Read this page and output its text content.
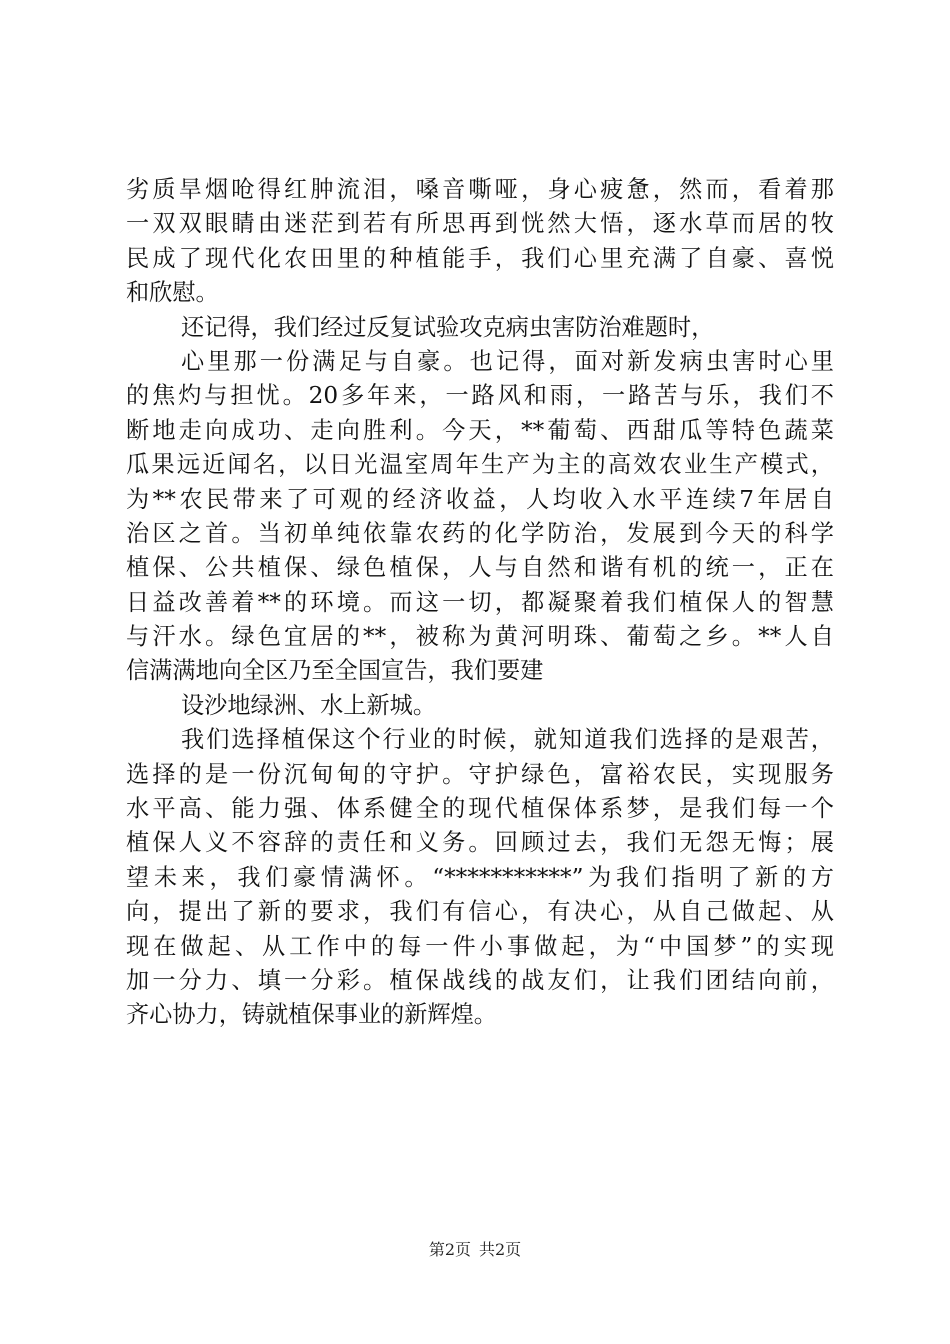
劣质旱烟呛得红肿流泪，嗓音嘶哑，身心疲惫，然而，看着那
一双双眼睛由迷茫到若有所思再到恍然大悟，逐水草而居的牧
民成了现代化农田里的种植能手，我们心里充满了自豪、喜悦
和欣慰。
还记得，我们经过反复试验攻克病虫害防治难题时，
心里那一份满足与自豪。也记得，面对新发病虫害时心里
的焦灼与担忧。20多年来，一路风和雨，一路苦与乐，我们不
断地走向成功、走向胜利。今天，**葡萄、西甜瓜等特色蔬菜
瓜果远近闻名，以日光温室周年生产为主的高效农业生产模式，
为**农民带来了可观的经济收益，人均收入水平连续7年居自
治区之首。当初单纯依靠农药的化学防治，发展到今天的科学
植保、公共植保、绿色植保，人与自然和谐有机的统一，正在
日益改善着**的环境。而这一切，都凝聚着我们植保人的智慧
与汗水。绿色宜居的**，被称为黄河明珠、葡萄之乡。**人自
信满满地向全区乃至全国宣告，我们要建
设沙地绿洲、水上新城。
我们选择植保这个行业的时候，就知道我们选择的是艰苦，
选择的是一份沉甸甸的守护。守护绿色，富裕农民，实现服务
水平高、能力强、体系健全的现代植保体系梦，是我们每一个
植保人义不容辞的责任和义务。回顾过去，我们无怨无悔；展
望未来，我们豪情满怀。“***********”为我们指明了新的方
向，提出了新的要求，我们有信心，有决心，从自己做起、从
现在做起、从工作中的每一件小事做起，为“中国梦”的实现
加一分力、填一分彩。植保战线的战友们，让我们团结向前，
齐心协力，铸就植保事业的新辉煌。
第2页 共2页
